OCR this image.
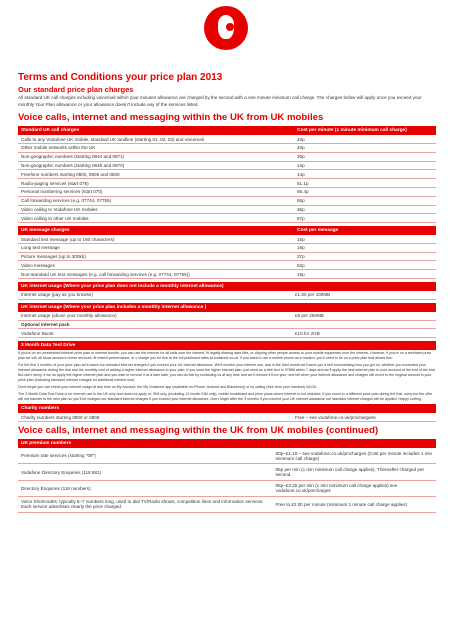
Terms and Conditions your price plan 2013
Our standard price plan charges
All standard UK call charges including voicemail within your minutes allowance are charged by the second with a one minute minimum call charge. The charges below will apply once you exceed your monthly Your Plan allowance or your allowance doesn't include any of the services listed.
Voice calls, internet and messaging within the UK from UK mobiles
Standard UK call charges	Cost per minute (1 minute minimum call charge)
Calls to any Vodafone UK mobile, standard UK landline (starting 01, 02, 03) and voicemail	40p
Other mobile networks within the UK	40p
Non-geographic numbers (starting 0844 and 0871)	35p
Non-geographic numbers (starting 0845 and 0870)	14p
Freefone numbers starting 0800, 0808 and 0500	14p
Radio-paging services (start 076)	51.1p
Personal numbering services (start 070)	66.4p
Call forwarding services (e.g. 07744, 07755)	65p
Video calling to Vodafone UK mobiles	36p
Video calling to other UK mobiles	57p
UK message charges	Cost per message
Standard text message (up to 160 characters)	15p
Long text message	16p
Picture messages (up to 300kb)	37p
Video messages	62p
Non-standard UK text messages (e.g. call forwarding services (e.g. 07744, 07755))	15p
UK internet usage (Where your price plan does not include a monthly internet allowance)
Internet usage (pay as you browse)	£1.50 per 100MB
UK internet usage (Where your price plan includes a monthly internet allowance )
Internet usage (above your monthly allowance)	£6 per 250MB
Optional internet pack
Vodafone Boost	£10 for 2GB
3 Month Data Test Drive
If you're on an unrestricted internet price plan or internet bundle, you can use the internet for all calls over the internet, fit legally sharing data files, or clipping other people access to your mobile equipment over the internet. However, if you're on a restricted price plan we will, all block access to these services, fit restrict performance, or c charge you for this at the full published rates at vodafone.co.uk. If you want to use a mobile phone as a modem, you'll need to be on a price plan that allows this.
For the first 3 months of your price plan we'll waive our standard internet charges if you exceed your UK internet allowance. We'll monitor your internet use, and in the third month we'll send you a text summarising how you got on, whether you exceeded your internet allowance during the trial and the monthly cost of adding a higher internet allowance to your plan. If you want the higher internet plan, just send us a free text to 97888 within 7 days and we'll apply the new internet plan to your account at the end of the trial. But don't worry, if we do apply the higher internet plan and you wish to remove it at a later date, you can do this by contacting us at any time and we'll remove it from your next bill when your internet allowance and charges will revert to the original amount in your price plan (including standard internet charges for additional internet use).
Don't forget you can check your internet usage at any time on My Account, the My Vodafone app (available on iPhone, Android and Blackberry) or by calling (free from your handset) 44133.
The 3 Month Data Test Drive is for internet use in the UK only and does not apply to: SIM only (excluding 12 month SIM only), mobile broadband and price plans where internet is not included. If you move to a different price plan during the trial, sorry but the offer will not transfer to the new plan so you'll be charged our standard internet charges if you exceed your internet allowance. Don't forget after the 3 months if you exceed your UK internet allowance our standard internet charges will be applied. Happy surfing.
Charity numbers
Charity numbers starting 0800 or 0808	Free – see vodafone.co.uk/pmchargess
Voice calls, internet and messaging within the UK from UK mobiles (continued)
UK premium numbers	
Premium rate services (starting "09")	60p–£2.10 – see vodafone.co.uk/pmcharges (Cost per minute includes 1 min minimum call charge)
Vodafone Directory Enquiries (118 881)	85p per min (1 min minimum call charge applies). Thereafter charged per second.
Directory Enquiries (118 numbers)	85p–£3.25 per min (1 min minimum call charge applies) see vodafone.co.uk/pmcharges
Voice Shortcodes: typically 5–7 numbers long, used to dial TV/Radio shows, competition lines and information services. Each service advertises clearly the price charged.	Free to £2.00 per minute (minimum 1 minute call charge applies)
